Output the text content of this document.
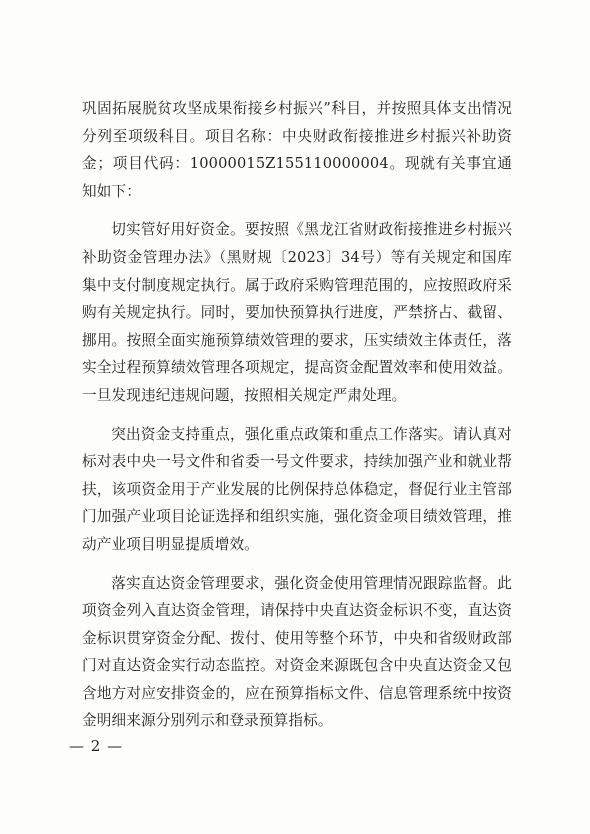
巩固拓展脱贫攻坚成果衔接乡村振兴”科目，并按照具体支出情况分列至项级科目。项目名称：中央财政衔接推进乡村振兴补助资金；项目代码：10000015Z155110000004。现就有关事宜通知如下：

切实管好用好资金。要按照《黑龙江省财政衔接推进乡村振兴补助资金管理办法》（黑财规〔2023〕34号）等有关规定和国库集中支付制度规定执行。属于政府采购管理范围的，应按照政府采购有关规定执行。同时，要加快预算执行进度，严禁挤占、截留、挪用。按照全面实施预算绩效管理的要求，压实绩效主体责任，落实全过程预算绩效管理各项规定，提高资金配置效率和使用效益。一旦发现违纪违规问题，按照相关规定严肃处理。

突出资金支持重点，强化重点政策和重点工作落实。请认真对标对表中央一号文件和省委一号文件要求，持续加强产业和就业帮扶，该项资金用于产业发展的比例保持总体稳定，督促行业主管部门加强产业项目论证选择和组织实施，强化资金项目绩效管理，推动产业项目明显提质增效。

落实直达资金管理要求，强化资金使用管理情况跟踪监督。此项资金列入直达资金管理，请保持中央直达资金标识不变，直达资金标识贯穿资金分配、拨付、使用等整个环节，中央和省级财政部门对直达资金实行动态监控。对资金来源既包含中央直达资金又包含地方对应安排资金的，应在预算指标文件、信息管理系统中按资金明细来源分别列示和登录预算指标。

— 2 —
